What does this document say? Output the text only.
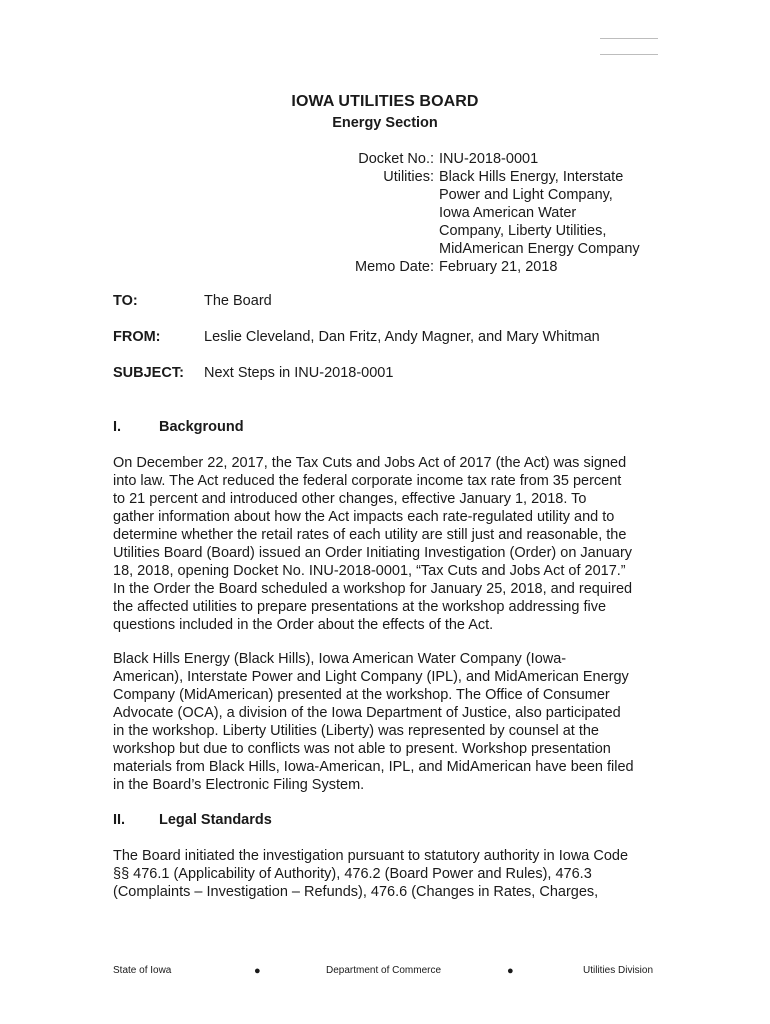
IOWA UTILITIES BOARD
Energy Section
Docket No.: INU-2018-0001
Utilities: Black Hills Energy, Interstate
Power and Light Company,
Iowa American Water
Company, Liberty Utilities,
MidAmerican Energy Company
Memo Date: February 21, 2018
TO:	The Board
FROM:	Leslie Cleveland, Dan Fritz, Andy Magner, and Mary Whitman
SUBJECT:	Next Steps in INU-2018-0001
I.	Background
On December 22, 2017, the Tax Cuts and Jobs Act of 2017 (the Act) was signed
into law. The Act reduced the federal corporate income tax rate from 35 percent
to 21 percent and introduced other changes, effective January 1, 2018. To
gather information about how the Act impacts each rate-regulated utility and to
determine whether the retail rates of each utility are still just and reasonable, the
Utilities Board (Board) issued an Order Initiating Investigation (Order) on January
18, 2018, opening Docket No. INU-2018-0001, “Tax Cuts and Jobs Act of 2017.”
In the Order the Board scheduled a workshop for January 25, 2018, and required
the affected utilities to prepare presentations at the workshop addressing five
questions included in the Order about the effects of the Act.
Black Hills Energy (Black Hills), Iowa American Water Company (Iowa-
American), Interstate Power and Light Company (IPL), and MidAmerican Energy
Company (MidAmerican) presented at the workshop. The Office of Consumer
Advocate (OCA), a division of the Iowa Department of Justice, also participated
in the workshop. Liberty Utilities (Liberty) was represented by counsel at the
workshop but due to conflicts was not able to present. Workshop presentation
materials from Black Hills, Iowa-American, IPL, and MidAmerican have been filed
in the Board’s Electronic Filing System.
II.	Legal Standards
The Board initiated the investigation pursuant to statutory authority in Iowa Code
§§ 476.1 (Applicability of Authority), 476.2 (Board Power and Rules), 476.3
(Complaints – Investigation – Refunds), 476.6 (Changes in Rates, Charges,
State of Iowa	●	Department of Commerce	●	Utilities Division
